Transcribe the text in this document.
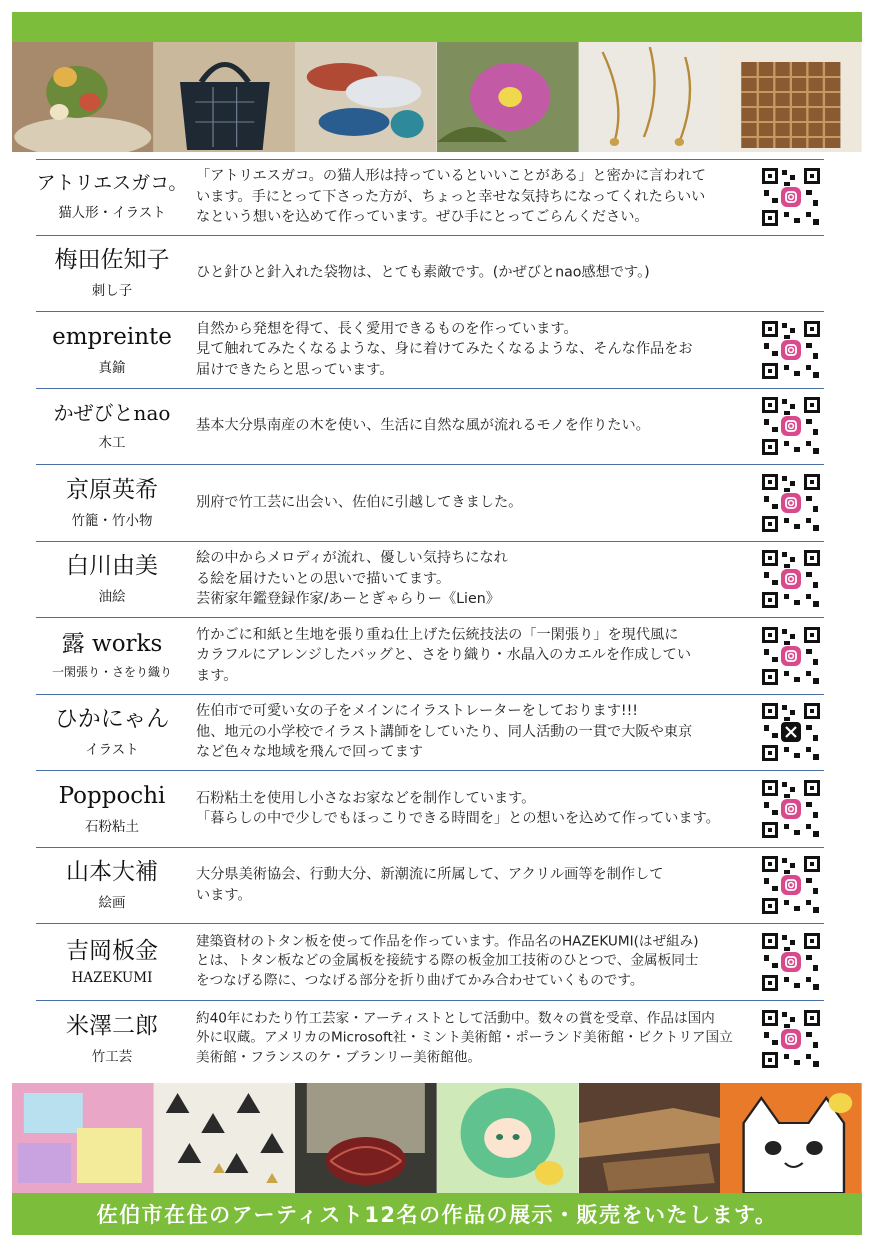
アトリエスガコ。
猫人形・イラスト
「アトリエスガコ。の猫人形は持っているといいことがある」と密かに言われて
います。手にとって下さった方が、ちょっと幸せな気持ちになってくれたらいい
なという想いを込めて作っています。ぜひ手にとってごらんください。
梅田佐知子
刺し子
ひと針ひと針入れた袋物は、とても素敵です。(かぜびとnao感想です。)
empreinte
真鍮
自然から発想を得て、長く愛用できるものを作っています。
見て触れてみたくなるような、身に着けてみたくなるような、そんな作品をお
届けできたらと思っています。
かぜびとnao
木工
基本大分県南産の木を使い、生活に自然な風が流れるモノを作りたい。
京原英希
竹籠・竹小物
別府で竹工芸に出会い、佐伯に引越してきました。
白川由美
油絵
絵の中からメロディが流れ、優しい気持ちになれ
る絵を届けたいとの思いで描いてます。
芸術家年鑑登録作家/あーとぎゃらりー《Lien》
露 works
一閑張り・さをり織り
竹かごに和紙と生地を張り重ね仕上げた伝統技法の「一閑張り」を現代風に
カラフルにアレンジしたバッグと、さをり織り・水晶入のカエルを作成してい
ます。
ひかにゃん
イラスト
佐伯市で可愛い女の子をメインにイラストレーターをしております!!!
他、地元の小学校でイラスト講師をしていたり、同人活動の一貫で大阪や東京
など色々な地域を飛んで回ってます
Poppochi
石粉粘土
石粉粘土を使用し小さなお家などを制作しています。
「暮らしの中で少しでもほっこりできる時間を」との想いを込めて作っています。
山本大補
絵画
大分県美術協会、行動大分、新潮流に所属して、アクリル画等を制作して
います。
吉岡板金
HAZEKUMI
建築資材のトタン板を使って作品を作っています。作品名のHAZEKUMI(はぜ組み)
とは、トタン板などの金属板を接続する際の板金加工技術のひとつで、金属板同士
をつなげる際に、つなげる部分を折り曲げてかみ合わせていくものです。
米澤二郎
竹工芸
約40年にわたり竹工芸家・アーティストとして活動中。数々の賞を受章、作品は国内
外に収蔵。アメリカのMicrosoft社・ミント美術館・ポーランド美術館・ビクトリア国立
美術館・フランスのケ・ブランリー美術館他。
佐伯市在住のアーティスト12名の作品の展示・販売をいたします。
